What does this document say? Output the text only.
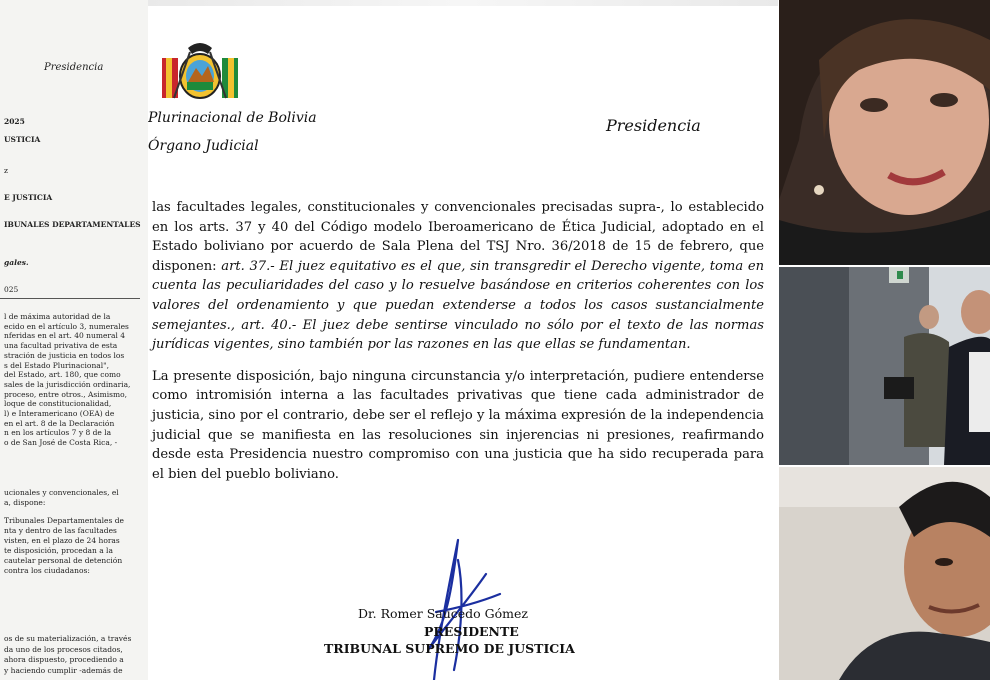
Presidencia
2025
USTICIA
z
E JUSTICIA
IBUNALES DEPARTAMENTALES
gales.
025
l de máxima autoridad de la
ecido en el artículo 3, numerales
nferidas en el art. 40 numeral 4
una facultad privativa de esta
stración de justicia en todos los
s del Estado Plurinacional",
del Estado, art. 180, que como
sales de la jurisdicción ordinaria,
proceso, entre otros., Asimismo,
loque de constitucionalidad,
l) e Interamericano (OEA) de
en el art. 8 de la Declaración
n en los artículos 7 y 8 de la
o de San José de Costa Rica, -
ucionales y convencionales, el
a, dispone:
Tribunales Departamentales de
nta y dentro de las facultades
visten, en el plazo de 24 horas
te disposición, procedan a la
cautelar personal de detención
contra los ciudadanos:
os de su materialización, a través
da uno de los procesos citados,
ahora dispuesto, procediendo a
y haciendo cumplir -además de
Plurinacional de Bolivia
Órgano Judicial
Presidencia

las facultades legales, constitucionales y convencionales precisadas supra-, lo establecido en los arts. 37 y 40 del Código modelo Iberoamericano de Ética Judicial, adoptado en el Estado boliviano por acuerdo de Sala Plena del TSJ Nro. 36/2018 de 15 de febrero, que disponen: art. 37.- El juez equitativo es el que, sin transgredir el Derecho vigente, toma en cuenta las peculiaridades del caso y lo resuelve basándose en criterios coherentes con los valores del ordenamiento y que puedan extenderse a todos los casos sustancialmente semejantes., art. 40.- El juez debe sentirse vinculado no sólo por el texto de las normas jurídicas vigentes, sino también por las razones en las que ellas se fundamentan.

La presente disposición, bajo ninguna circunstancia y/o interpretación, pudiere entenderse como intromisión interna a las facultades privativas que tiene cada administrador de justicia, sino por el contrario, debe ser el reflejo y la máxima expresión de la independencia judicial que se manifiesta en las resoluciones sin injerencias ni presiones, reafirmando desde esta Presidencia nuestro compromiso con una justicia que ha sido recuperada para el bien del pueblo boliviano.

Dr. Romer Saucedo Gómez
PRESIDENTE
TRIBUNAL SUPREMO DE JUSTICIA
